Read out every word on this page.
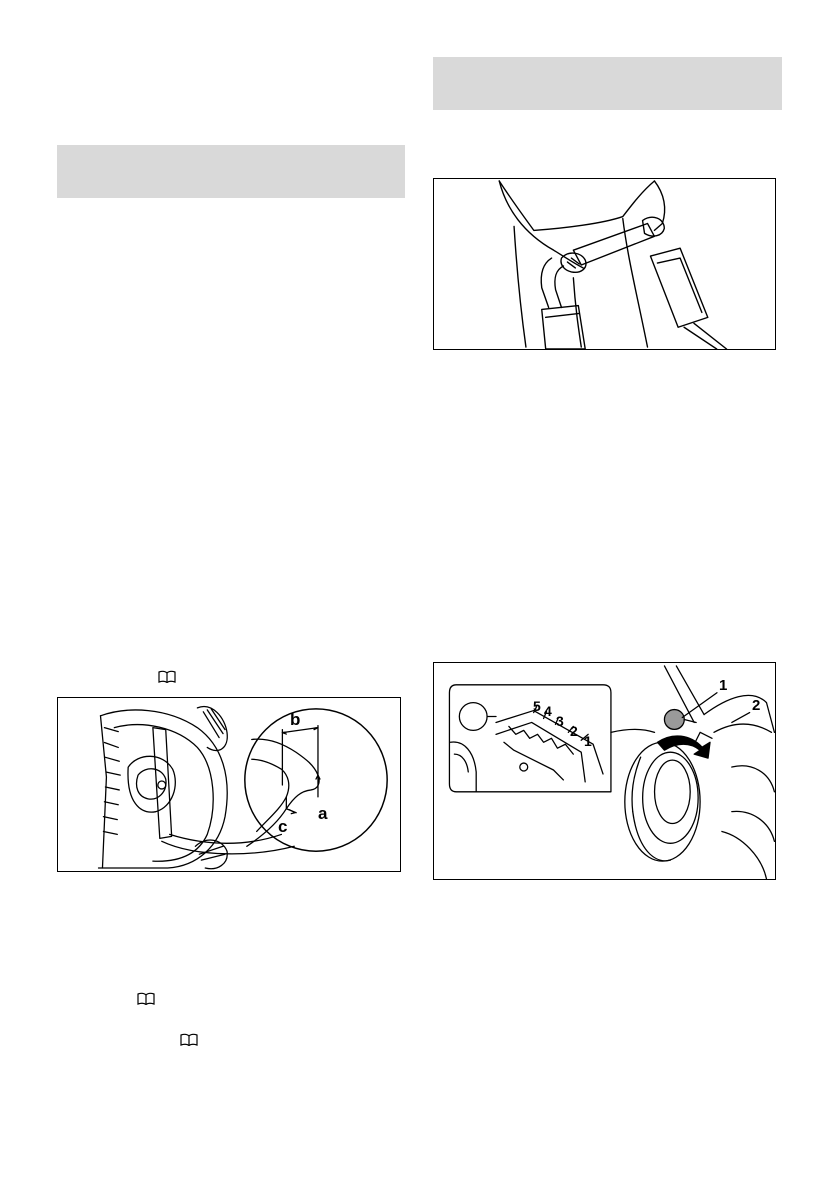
b
a
c
5 4
3
2
1
1
2
